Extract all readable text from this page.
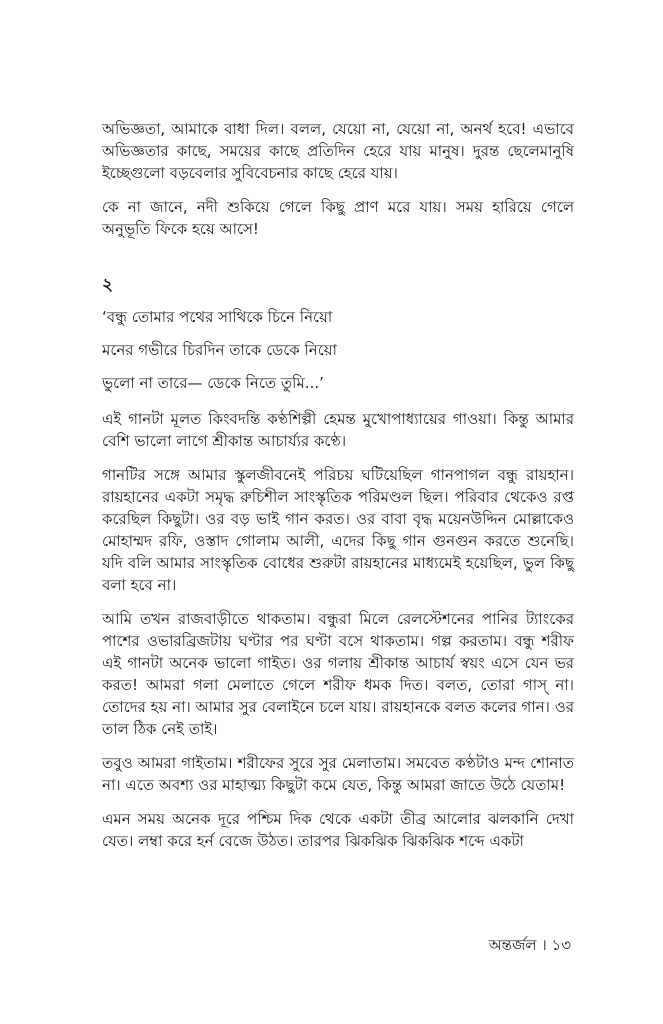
অভিজ্ঞতা, আমাকে বাধা দিল। বলল, যেয়ো না, যেয়ো না, অনর্থ হবে! এভাবে অভিজ্ঞতার কাছে, সময়ের কাছে প্রতিদিন হেরে যায় মানুষ। দুরন্ত ছেলেমানুষি ইচ্ছেগুলো বড়বেলার সুবিবেচনার কাছে হেরে যায়।

কে না জানে, নদী শুকিয়ে গেলে কিছু প্রাণ মরে যায়। সময় হারিয়ে গেলে অনুভূতি ফিকে হয়ে আসে!

২
‘বন্ধু তোমার পথের সাথিকে চিনে নিয়ো
মনের গভীরে চিরদিন তাকে ডেকে নিয়ো
ভুলো না তারে— ডেকে নিতে তুমি...’

এই গানটা মূলত কিংবদন্তি কণ্ঠশিল্পী হেমন্ত মুখোপাধ্যায়ের গাওয়া। কিন্তু আমার বেশি ভালো লাগে শ্রীকান্ত আচার্য্যর কণ্ঠে।

গানটির সঙ্গে আমার স্কুলজীবনেই পরিচয় ঘটিয়েছিল গানপাগল বন্ধু রায়হান। রায়হানের একটা সমৃদ্ধ রুচিশীল সাংস্কৃতিক পরিমণ্ডল ছিল। পরিবার থেকেও রপ্ত করেছিল কিছুটা। ওর বড় ভাই গান করত। ওর বাবা বৃদ্ধ ময়েনউদ্দিন মোল্লাকেও মোহাম্মদ রফি, ওস্তাদ গোলাম আলী, এদের কিছু গান গুনগুন করতে শুনেছি। যদি বলি আমার সাংস্কৃতিক বোধের শুরুটা রায়হানের মাধ্যমেই হয়েছিল, ভুল কিছু বলা হবে না।

আমি তখন রাজবাড়ীতে থাকতাম। বন্ধুরা মিলে রেলস্টেশনের পানির ট্যাংকের পাশের ওভারব্রিজটায় ঘণ্টার পর ঘণ্টা বসে থাকতাম। গল্প করতাম। বন্ধু শরীফ এই গানটা অনেক ভালো গাইত। ওর গলায় শ্রীকান্ত আচার্য স্বয়ং এসে যেন ভর করত! আমরা গলা মেলাতে গেলে শরীফ ধমক দিত। বলত, তোরা গাস্ না। তোদের হয় না। আমার সুর বেলাইনে চলে যায়। রায়হানকে বলত কলের গান। ওর তাল ঠিক নেই তাই।

তবুও আমরা গাইতাম। শরীফের সুরে সুর মেলাতাম। সমবেত কণ্ঠটাও মন্দ শোনাত না। এতে অবশ্য ওর মাহাত্ম্য কিছুটা কমে যেত, কিন্তু আমরা জাতে উঠে যেতাম!

এমন সময় অনেক দূরে পশ্চিম দিক থেকে একটা তীব্র আলোর ঝলকানি দেখা যেত। লম্বা করে হর্ন বেজে উঠত। তারপর ঝিকঝিক ঝিকঝিক শব্দে একটা

অন্তর্জল । ১৩
